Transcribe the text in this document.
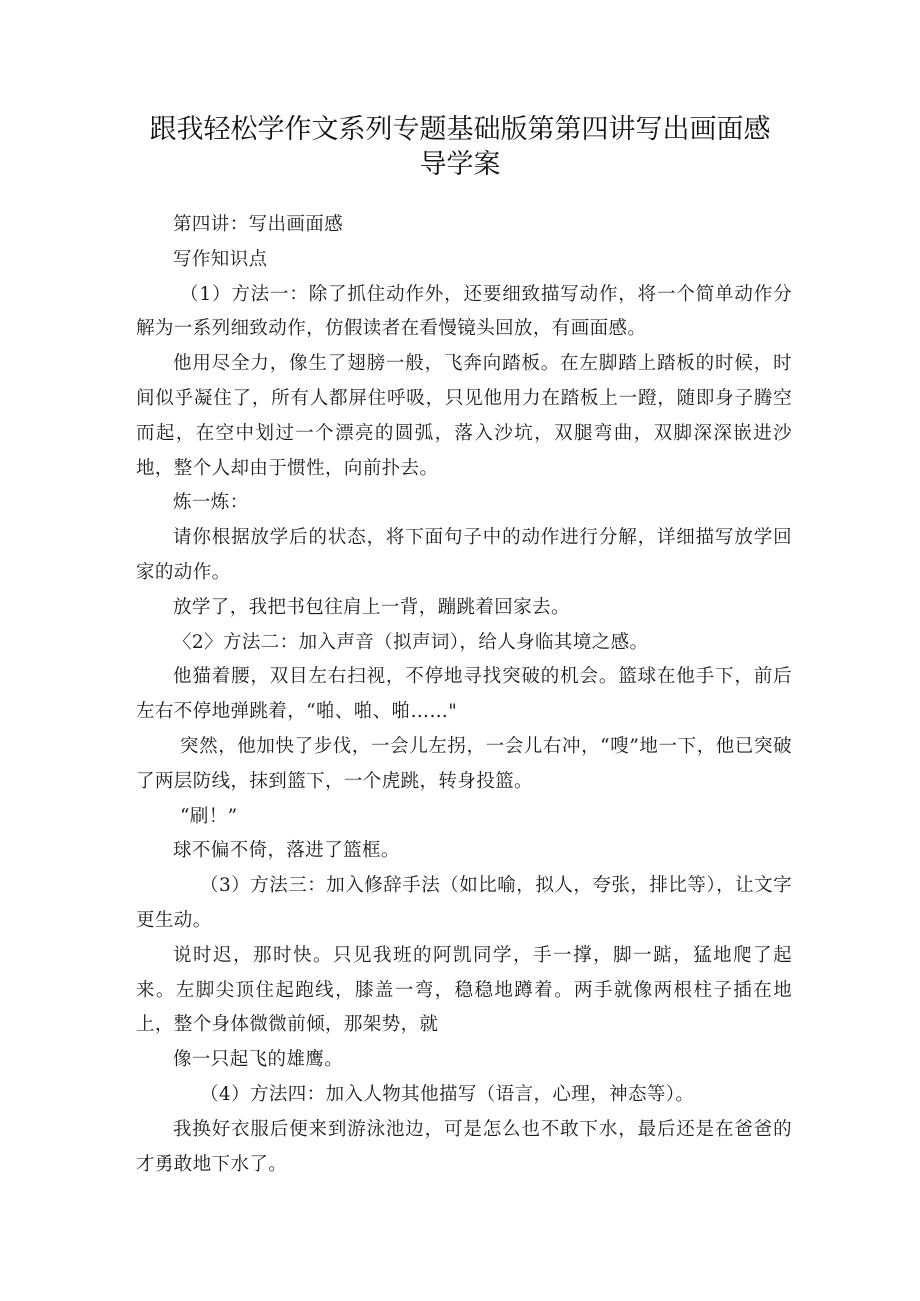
跟我轻松学作文系列专题基础版第第四讲写出画面感
导学案

第四讲：写出画面感

写作知识点

（1）方法一：除了抓住动作外，还要细致描写动作，将一个简单动作分解为一系列细致动作，仿假读者在看慢镜头回放，有画面感。

他用尽全力，像生了翅膀一般，飞奔向踏板。在左脚踏上踏板的时候，时间似乎凝住了，所有人都屏住呼吸，只见他用力在踏板上一蹬，随即身子腾空而起，在空中划过一个漂亮的圆弧，落入沙坑，双腿弯曲，双脚深深嵌进沙地，整个人却由于惯性，向前扑去。

炼一炼：

请你根据放学后的状态，将下面句子中的动作进行分解，详细描写放学回家的动作。

放学了，我把书包往肩上一背，蹦跳着回家去。

〈2〉方法二：加入声音（拟声词），给人身临其境之感。

他猫着腰，双目左右扫视，不停地寻找突破的机会。篮球在他手下，前后左右不停地弹跳着，“啪、啪、啪……"

突然，他加快了步伐，一会儿左拐，一会儿右冲，“嗖”地一下，他已突破了两层防线，抹到篮下，一个虎跳，转身投篮。

“刷！”

球不偏不倚，落进了篮框。

（3）方法三：加入修辞手法（如比喻，拟人，夸张，排比等），让文字更生动。

说时迟，那时快。只见我班的阿凯同学，手一撑，脚一踮，猛地爬了起来。左脚尖顶住起跑线，膝盖一弯，稳稳地蹲着。两手就像两根柱子插在地上，整个身体微微前倾，那架势，就

像一只起飞的雄鹰。

（4）方法四：加入人物其他描写（语言，心理，神态等）。

我换好衣服后便来到游泳池边，可是怎么也不敢下水，最后还是在爸爸的才勇敢地下水了。
